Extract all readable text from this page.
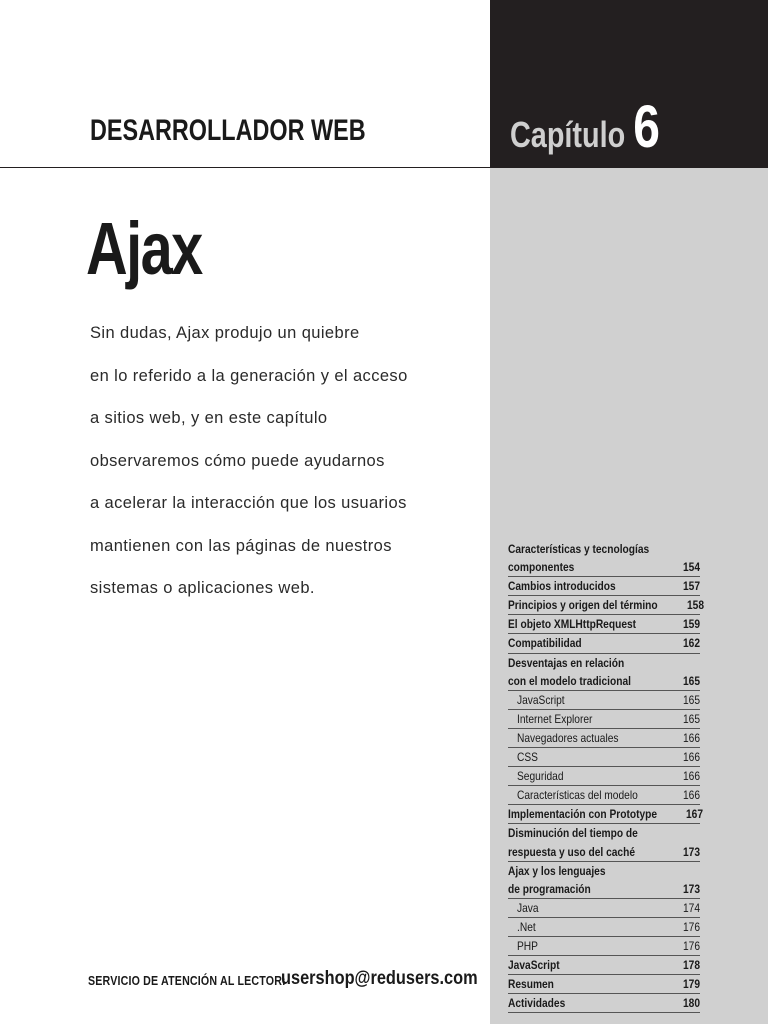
DESARROLLADOR WEB	Capítulo 6
Ajax
Sin dudas, Ajax produjo un quiebre
en lo referido a la generación y el acceso
a sitios web, y en este capítulo
observaremos cómo puede ayudarnos
a acelerar la interacción que los usuarios
mantienen con las páginas de nuestros
sistemas o aplicaciones web.
Características y tecnologías
componentes	154
Cambios introducidos	157
Principios y origen del término 158
El objeto XMLHttpRequest	159
Compatibilidad	162
Desventajas en relación
con el modelo tradicional	165
JavaScript	165
Internet Explorer	165
Navegadores actuales	166
CSS	166
Seguridad	166
Características del modelo	166
Implementación con Prototype 167
Disminución del tiempo de
respuesta y uso del caché	173
Ajax y los lenguajes
de programación	173
Java	174
.Net	176
PHP	176
JavaScript	178
Resumen	179
Actividades	180
SERVICIO DE ATENCIÓN AL LECTOR:
usershop@redusers.com
